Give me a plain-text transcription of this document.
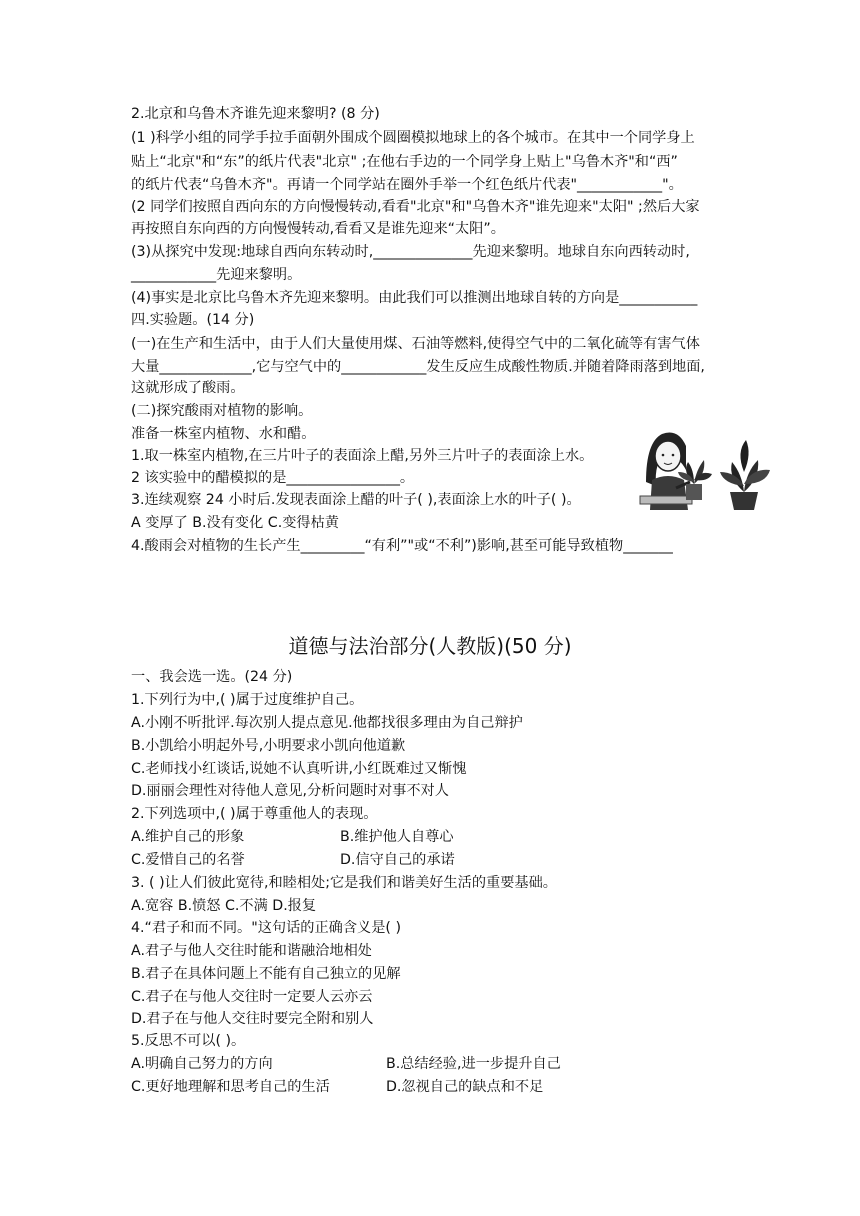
2.北京和乌鲁木齐谁先迎来黎明? (8 分)
(1 )科学小组的同学手拉手面朝外围成个圆圈模拟地球上的各个城市。在其中一个同学身上
贴上“北京"和“东”的纸片代表"北京" ;在他右手边的一个同学身上贴上"乌鲁木齐"和“西”
的纸片代表“乌鲁木齐"。再请一个同学站在圈外手举一个红色纸片代表"____________"。
(2 同学们按照自西向东的方向慢慢转动,看看"北京"和"乌鲁木齐"谁先迎来"太阳" ;然后大家
再按照自东向西的方向慢慢转动,看看又是谁先迎来“太阳”。
(3)从探究中发现:地球自西向东转动时,______________先迎来黎明。地球自东向西转动时,
____________先迎来黎明。
(4)事实是北京比乌鲁木齐先迎来黎明。由此我们可以推测出地球自转的方向是___________
四.实验题。(14 分)
(一)在生产和生活中，由于人们大量使用煤、石油等燃料,使得空气中的二氧化硫等有害气体
大量_____________,它与空气中的____________发生反应生成酸性物质.并随着降雨落到地面,
这就形成了酸雨。
(二)探究酸雨对植物的影响。
准备一株室内植物、水和醋。
1.取一株室内植物,在三片叶子的表面涂上醋,另外三片叶子的表面涂上水。
2 该实验中的醋模拟的是________________。
3.连续观察 24 小时后.发现表面涂上醋的叶子( ),表面涂上水的叶子( )。
A 变厚了 B.没有变化 C.变得枯黄
4.酸雨会对植物的生长产生_________“有利”"或“不利”)影响,甚至可能导致植物_______
道德与法治部分(人教版)(50 分)
一、我会选一选。(24 分)
1.下列行为中,( )属于过度维护自己。
A.小刚不听批评.每次别人提点意见.他都找很多理由为自己辩护
B.小凯给小明起外号,小明要求小凯向他道歉
C.老师找小红谈话,说她不认真听讲,小红既难过又惭愧
D.丽丽会理性对待他人意见,分析问题时对事不对人
2.下列选项中,( )属于尊重他人的表现。
A.维护自己的形象	B.维护他人自尊心
C.爱惜自己的名誉	D.信守自己的承诺
3. ( )让人们彼此宽待,和睦相处;它是我们和谐美好生活的重要基础。
A.宽容 B.愤怒 C.不满 D.报复
4.“君子和而不同。"这句话的正确含义是( )
A.君子与他人交往时能和谐融洽地相处
B.君子在具体问题上不能有自己独立的见解
C.君子在与他人交往时一定要人云亦云
D.君子在与他人交往时要完全附和别人
5.反思不可以( )。
A.明确自己努力的方向	B.总结经验,进一步提升自己
C.更好地理解和思考自己的生活	D.忽视自己的缺点和不足
